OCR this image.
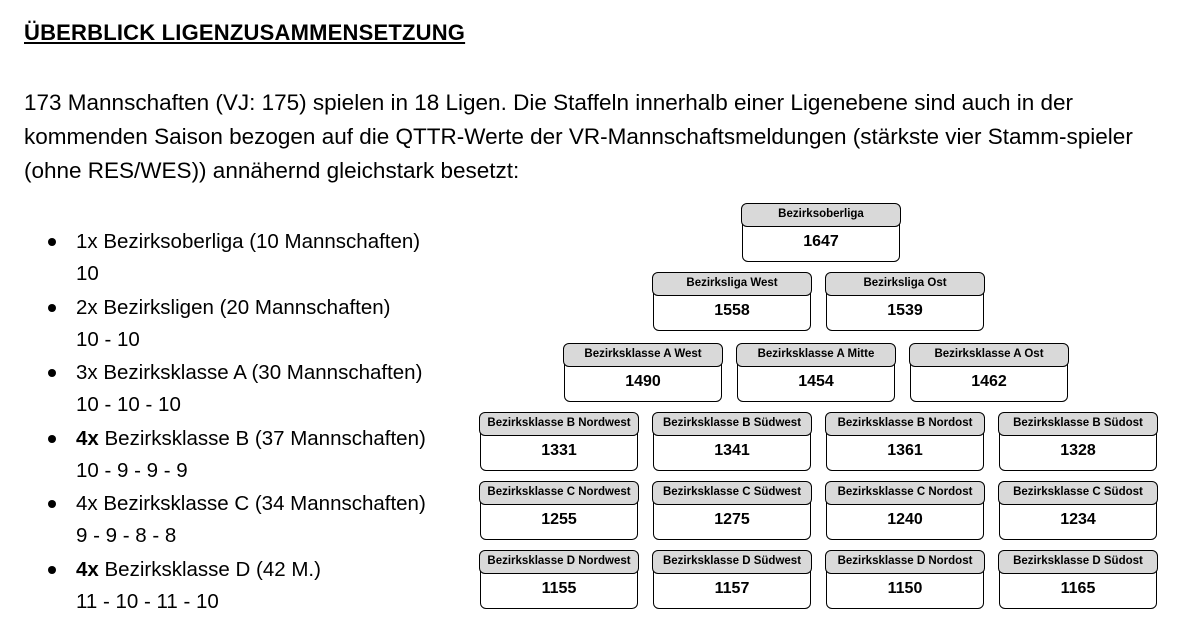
ÜBERBLICK LIGENZUSAMMENSETZUNG
173 Mannschaften (VJ: 175) spielen in 18 Ligen. Die Staffeln innerhalb einer Ligenebene sind auch in der kommenden Saison bezogen auf die QTTR-Werte der VR-Mannschaftsmeldungen (stärkste vier Stamm-spieler (ohne RES/WES)) annähernd gleichstark besetzt:
1x Bezirksoberliga (10 Mannschaften)
10
2x Bezirksligen (20 Mannschaften)
10 - 10
3x Bezirksklasse A (30 Mannschaften)
10 - 10 - 10
4x Bezirksklasse B (37 Mannschaften)
10 - 9 - 9 - 9
4x Bezirksklasse C (34 Mannschaften)
9 - 9 - 8 - 8
4x Bezirksklasse D (42 M.)
11 - 10 - 11 - 10
Bezirksoberliga
1647
Bezirksliga West
1558
Bezirksliga Ost
1539
Bezirksklasse A West
1490
Bezirksklasse A Mitte
1454
Bezirksklasse A Ost
1462
Bezirksklasse B Nordwest
1331
Bezirksklasse B Südwest
1341
Bezirksklasse B Nordost
1361
Bezirksklasse B Südost
1328
Bezirksklasse C Nordwest
1255
Bezirksklasse C Südwest
1275
Bezirksklasse C Nordost
1240
Bezirksklasse C Südost
1234
Bezirksklasse D Nordwest
1155
Bezirksklasse D Südwest
1157
Bezirksklasse D Nordost
1150
Bezirksklasse D Südost
1165
